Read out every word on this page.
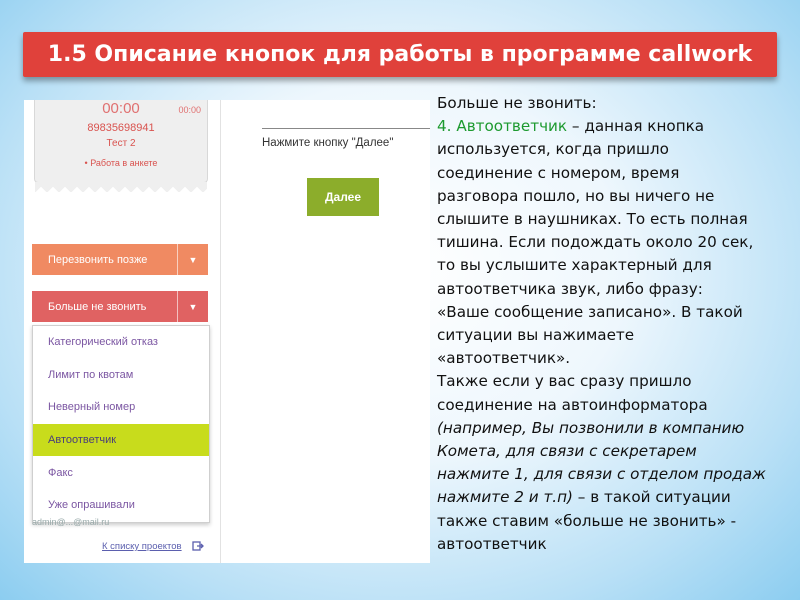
1.5 Описание кнопок для работы в программе callwork
00:00	00:00
89835698941
Тест 2
• Работа в анкете
Перезвонить позже	▼
Больше не звонить	▼
Категорический отказ
Лимит по квотам
Неверный номер
Автоответчик
Факс
Уже опрашивали
admin@...@mail.ru
К списку проектов
Нажмите кнопку "Далее"
Далее
Больше не звонить:
4. Автоответчик – данная кнопка
используется, когда пришло
соединение с номером, время
разговора пошло, но вы ничего не
слышите в наушниках. То есть полная
тишина. Если подождать около 20 сек,
то вы услышите характерный для
автоответчика звук, либо фразу:
«Ваше сообщение записано». В такой
ситуации вы нажимаете
«автоответчик».
Также если у вас сразу пришло
соединение на автоинформатора
(например, Вы позвонили в компанию
Комета, для связи с секретарем
нажмите 1, для связи с отделом продаж
нажмите 2 и т.п) – в такой ситуации
также ставим «больше не звонить» -
автоответчик
